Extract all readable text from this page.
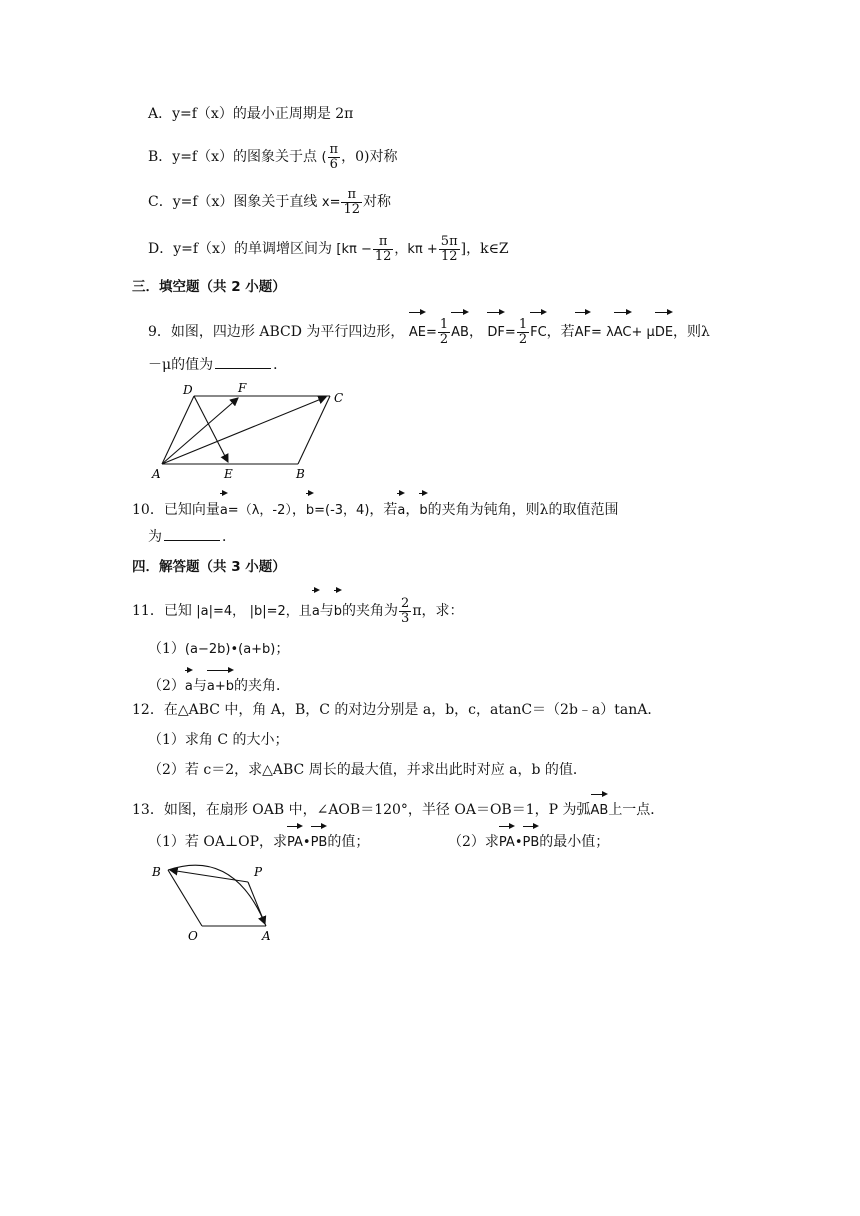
A．y=f（x）的最小正周期是 2π
B．y=f（x）的图象关于点 ( $\frac{\pi}{6}$ ，0)对称
C．y=f（x）图象关于直线 $x= \frac{\pi}{12}$ 对称
D．y=f（x）的单调增区间为 [$k\pi - \frac{\pi}{12}$ ，$k\pi + \frac{5\pi}{12}$ ]，k∈Z
三．填空题（共 2 小题）
9．如图，四边形 ABCD 为平行四边形， $AE= \frac{1}{2}$ AB， $DF= \frac{1}{2}$ FC，若AF= λAC+ μDE，则λ
－μ的值为	．
D	F
C
A	E	B
10．已知向量a=（λ，-2），b=(-3，4)，若a，b的夹角为钝角，则λ的取值范围
为	．
四．解答题（共 3 小题）
11．已知 |a|=4， |b|=2，且a与b的夹角为 $\frac{2}{3}$ π，求：
（1）(a−2b)•(a+b)；
（2）a与a+b的夹角．
12．在△ABC 中，角 A，B，C 的对边分别是 a，b，c，atanC＝（2b﹣a）tanA．
（1）求角 C 的大小；
（2）若 c＝2，求△ABC 周长的最大值，并求出此时对应 a，b 的值．
13．如图，在扇形 OAB 中，∠AOB＝120°，半径 OA＝OB＝1，P 为弧AB上一点．
（1）若 OA⊥OP，求PA•PB的值；	（2）求PA•PB的最小值；
B	P
O	A
